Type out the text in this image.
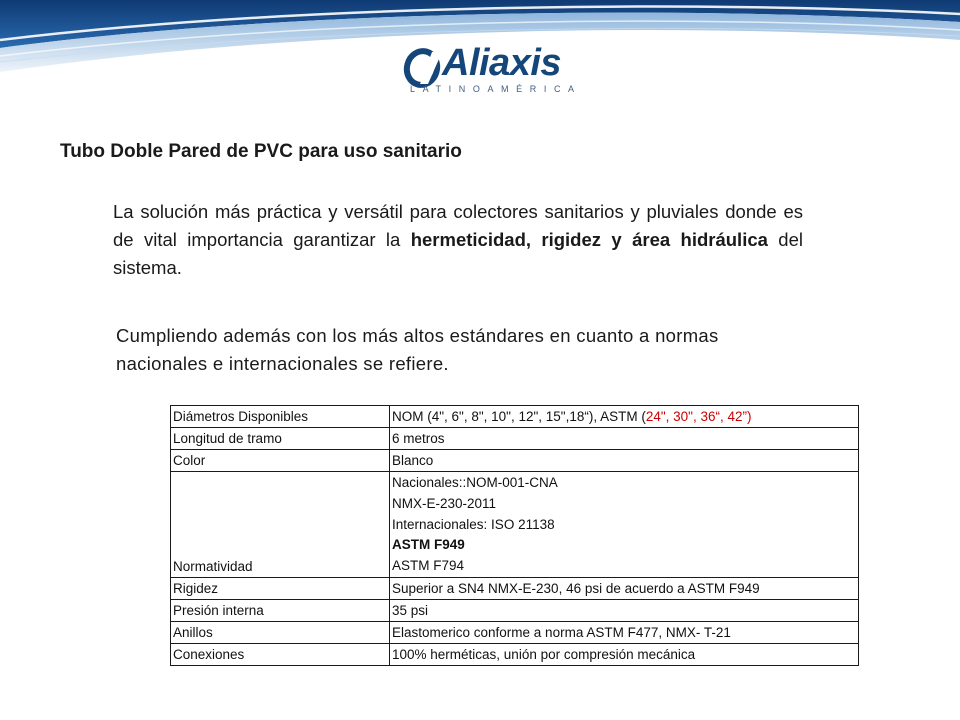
Aliaxis
LATINOAMÉRICA
Tubo Doble Pared de PVC para uso sanitario
La solución más práctica y versátil para colectores sanitarios y pluviales donde es de vital importancia garantizar la hermeticidad, rigidez y área hidráulica del sistema.
Cumpliendo además con los más altos estándares en cuanto a normas nacionales e internacionales se refiere.
Diámetros Disponibles	NOM (4", 6", 8", 10", 12", 15",18“), ASTM (24", 30", 36“, 42”)
Longitud de tramo	6 metros
Color	Blanco
Normatividad	Nacionales::NOM-001-CNA
NMX-E-230-2011
Internacionales: ISO 21138
ASTM F949
ASTM F794

Rigidez	Superior a SN4 NMX-E-230, 46 psi de acuerdo a ASTM F949
Presión interna	35 psi
Anillos	Elastomerico conforme a norma ASTM F477, NMX- T-21
Conexiones	100% herméticas, unión por compresión mecánica
